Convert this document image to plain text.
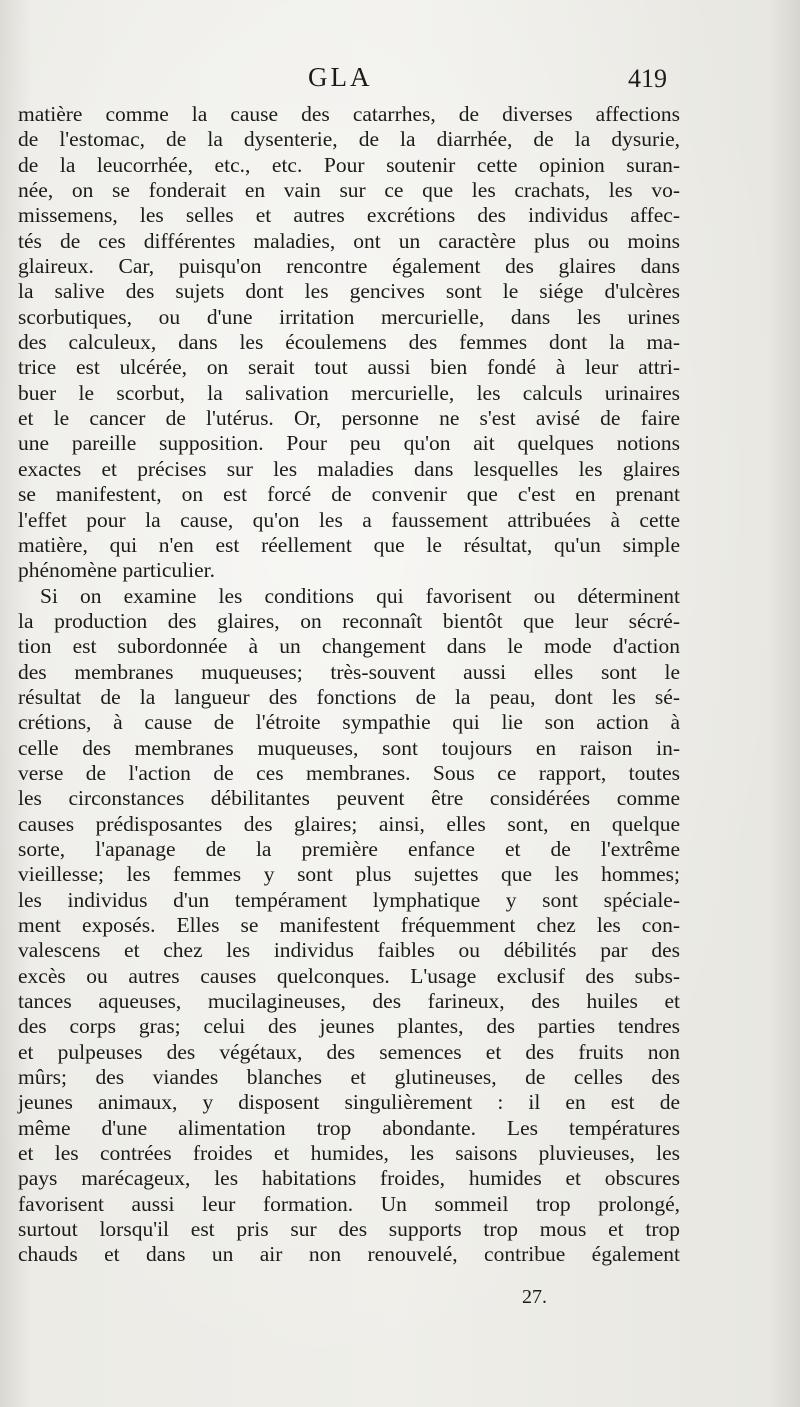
GLA	419
matière comme la cause des catarrhes, de diverses affections
de l'estomac, de la dysenterie, de la diarrhée, de la dysurie,
de la leucorrhée, etc., etc. Pour soutenir cette opinion suran-
née, on se fonderait en vain sur ce que les crachats, les vo-
missemens, les selles et autres excrétions des individus affec-
tés de ces différentes maladies, ont un caractère plus ou moins
glaireux. Car, puisqu'on rencontre également des glaires dans
la salive des sujets dont les gencives sont le siége d'ulcères
scorbutiques, ou d'une irritation mercurielle, dans les urines
des calculeux, dans les écoulemens des femmes dont la ma-
trice est ulcérée, on serait tout aussi bien fondé à leur attri-
buer le scorbut, la salivation mercurielle, les calculs urinaires
et le cancer de l'utérus. Or, personne ne s'est avisé de faire
une pareille supposition. Pour peu qu'on ait quelques notions
exactes et précises sur les maladies dans lesquelles les glaires
se manifestent, on est forcé de convenir que c'est en prenant
l'effet pour la cause, qu'on les a faussement attribuées à cette
matière, qui n'en est réellement que le résultat, qu'un simple
phénomène particulier.
Si on examine les conditions qui favorisent ou déterminent
la production des glaires, on reconnaît bientôt que leur sécré-
tion est subordonnée à un changement dans le mode d'action
des membranes muqueuses; très-souvent aussi elles sont le
résultat de la langueur des fonctions de la peau, dont les sé-
crétions, à cause de l'étroite sympathie qui lie son action à
celle des membranes muqueuses, sont toujours en raison in-
verse de l'action de ces membranes. Sous ce rapport, toutes
les circonstances débilitantes peuvent être considérées comme
causes prédisposantes des glaires; ainsi, elles sont, en quelque
sorte, l'apanage de la première enfance et de l'extrême
vieillesse; les femmes y sont plus sujettes que les hommes;
les individus d'un tempérament lymphatique y sont spéciale-
ment exposés. Elles se manifestent fréquemment chez les con-
valescens et chez les individus faibles ou débilités par des
excès ou autres causes quelconques. L'usage exclusif des subs-
tances aqueuses, mucilagineuses, des farineux, des huiles et
des corps gras; celui des jeunes plantes, des parties tendres
et pulpeuses des végétaux, des semences et des fruits non
mûrs; des viandes blanches et glutineuses, de celles des
jeunes animaux, y disposent singulièrement : il en est de
même d'une alimentation trop abondante. Les températures
et les contrées froides et humides, les saisons pluvieuses, les
pays marécageux, les habitations froides, humides et obscures
favorisent aussi leur formation. Un sommeil trop prolongé,
surtout lorsqu'il est pris sur des supports trop mous et trop
chauds et dans un air non renouvelé, contribue également
27.
